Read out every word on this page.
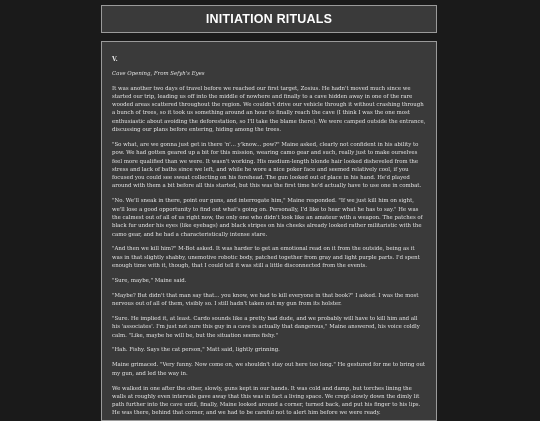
INITIATION RITUALS
V.
Cave Opening, From Sefyh's Eyes

It was another two days of travel before we reached our first target, Zosius. He hadn't moved much since we started our trip, leading us off into the middle of nowhere and finally to a cave hidden away in one of the rare wooded areas scattered throughout the region. We couldn't drive our vehicle through it without crashing through a bunch of trees, so it took us something around an hour to finally reach the cave (I think I was the one most enthusiastic about avoiding the deforestation, so I'll take the blame there). We were camped outside the entrance, discussing our plans before entering, hiding among the trees.

"So what, are we gonna just get in there 'n'... y'know... pow?" Maine asked, clearly not confident in his ability to pow. We had gotten geared up a bit for this mission, wearing camo gear and such, really just to make ourselves feel more qualified than we were. It wasn't working. His medium-length blonde hair looked disheveled from the stress and lack of baths since we left, and while he wore a nice poker face and seemed relatively cool, if you focused you could see sweat collecting on his forehead. The gun looked out of place in his hand. He'd played around with them a bit before all this started, but this was the first time he'd actually have to use one in combat.

"No. We'll sneak in there, point our guns, and interrogate him," Maine responded. "If we just kill him on sight, we'll lose a good opportunity to find out what's going on. Personally, I'd like to hear what he has to say." He was the calmest out of all of us right now, the only one who didn't look like an amateur with a weapon. The patches of black fur under his eyes (like eyebags) and black stripes on his cheeks already looked rather militaristic with the camo gear, and he had a characteristically intense stare.

"And then we kill him?" M-Bot asked. It was harder to get an emotional read on it from the outside, being as it was in that slightly shabby, unemotive robotic body, patched together from gray and light purple parts. I'd spent enough time with it, though, that I could tell it was still a little disconnected from the events.

"Sure, maybe," Maine said.

"Maybe? But didn't that man say that... you know, we had to kill everyone in that book?" I asked. I was the most nervous out of all of them, visibly so. I still hadn't taken out my gun from its holster.

"Sure. He implied it, at least. Cardo sounds like a pretty bad dude, and we probably will have to kill him and all his 'associates'. I'm just not sure this guy in a cave is actually that dangerous," Maine answered, his voice coldly calm. "Like, maybe he will be, but the situation seems fishy."

"Hah. Fishy. Says the cat person," Matt said, lightly grinning.

Maine grimaced. "Very funny. Now come on, we shouldn't stay out here too long." He gestured for me to bring out my gun, and led the way in.

We walked in one after the other, slowly, guns kept in our hands. It was cold and damp, but torches lining the walls at roughly even intervals gave away that this was in fact a living space. We crept slowly down the dimly lit path further into the cave until, finally, Maine looked around a corner, turned back, and put his finger to his lips. He was there, behind that corner, and we had to be careful not to alert him before we were ready.
